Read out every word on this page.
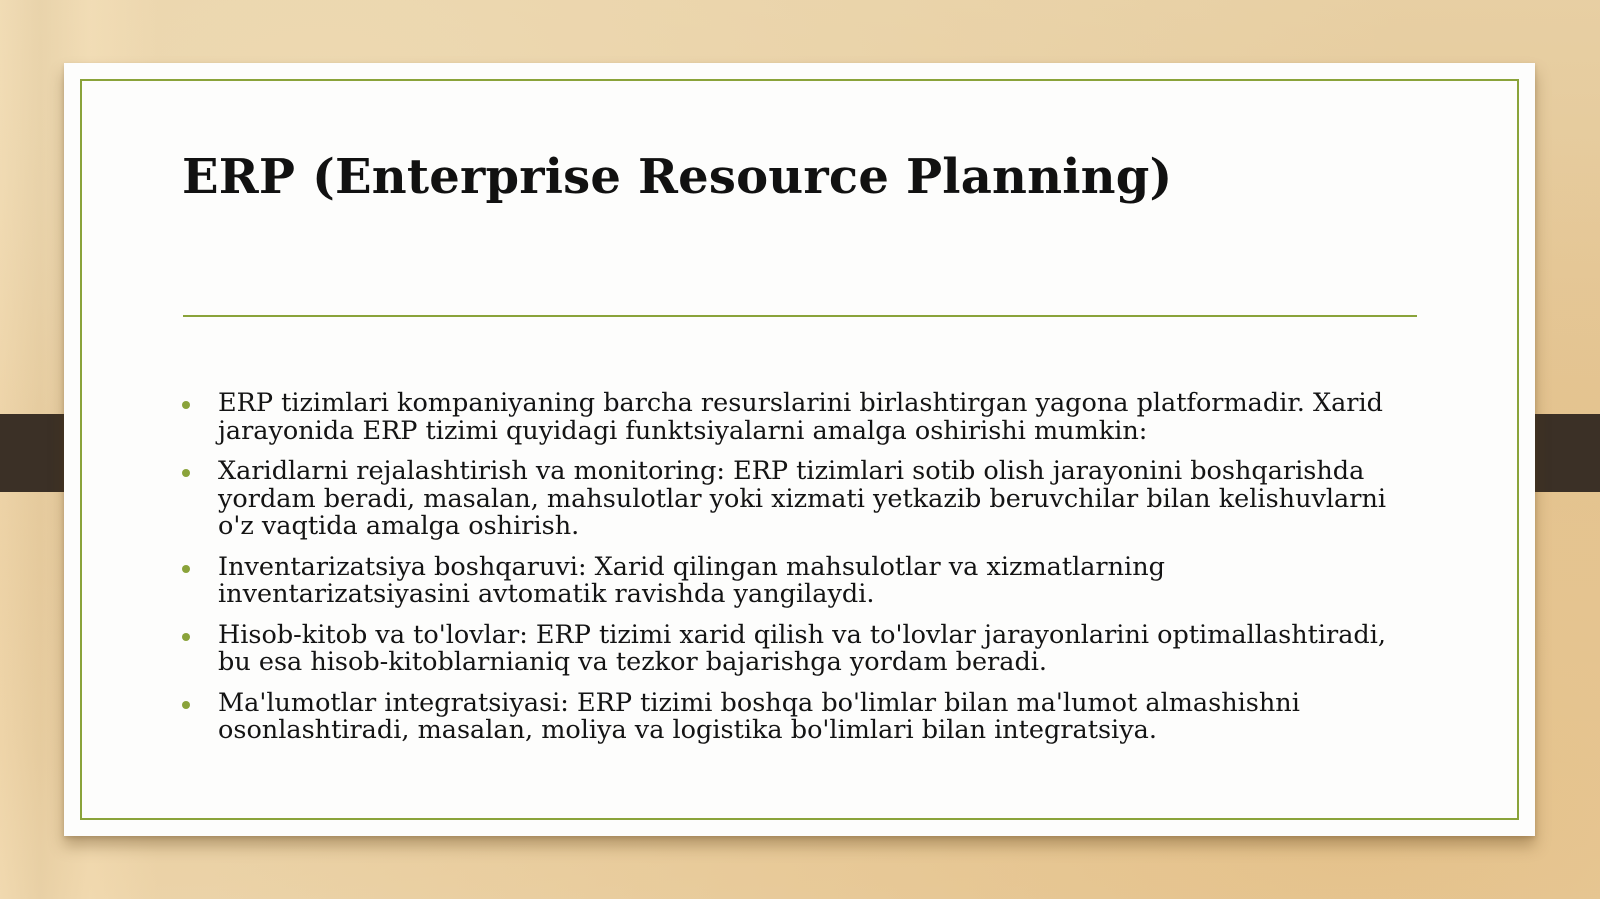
ERP (Enterprise Resource Planning)
ERP tizimlari kompaniyaning barcha resurslarini birlashtirgan yagona platformadir. Xarid jarayonida ERP tizimi quyidagi funktsiyalarni amalga oshirishi mumkin:
Xaridlarni rejalashtirish va monitoring: ERP tizimlari sotib olish jarayonini boshqarishda yordam beradi, masalan, mahsulotlar yoki xizmati yetkazib beruvchilar bilan kelishuvlarni o'z vaqtida amalga oshirish.
Inventarizatsiya boshqaruvi: Xarid qilingan mahsulotlar va xizmatlarning inventarizatsiyasini avtomatik ravishda yangilaydi.
Hisob-kitob va to'lovlar: ERP tizimi xarid qilish va to'lovlar jarayonlarini optimallashtiradi, bu esa hisob-kitoblarnianiq va tezkor bajarishga yordam beradi.
Ma'lumotlar integratsiyasi: ERP tizimi boshqa bo'limlar bilan ma'lumot almashishni osonlashtiradi, masalan, moliya va logistika bo'limlari bilan integratsiya.
